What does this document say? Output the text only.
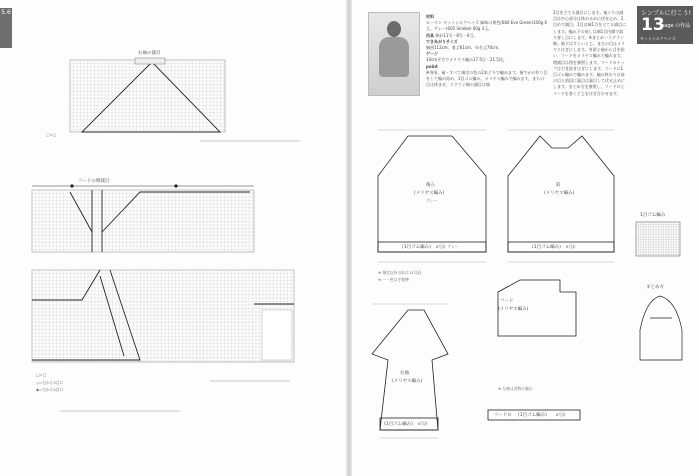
5.6
右袖の減目
フードの増減目
□=□
□=□
◇=右から2目に
◆=左から2目に
材料
ローワン キットシルクヘイズ 緑味の黄色(684 Eve Green)100g 6玉、グレー(605 Smoke) 60g 3玉。
用具 棒針11号・8号・6号。
できあがりサイズ
胸囲112cm、着丈61cm、ゆき丈70cm。
ゲージ
10cm平方でメリヤス編み17.5目・21.5段。
point
※身頃、袖・すべて指定の色の2本どりで編みます。指でかけ作り目をして編み始め、1目ゴム編み、メリヤス編みで編みます。まちの目は休ませ、ラグラン線の減目は端
2目を立てる減目にします。袖ぐりの減目は中心部分は休めるめに伏せ止め、2目めで減目、1目は端1目を立てる減目にします。編み下の前しは端1目内側で取り寄し目にします。※まとめ一ラグラン線、袖下はすくいとじ、まちの目はメリヤスはぎにします。身頃と袖から目を拾い、フードをメリヤス編みで編みます。増減目は図を参照します。フードのトップは引き抜きはぎにします。フードに1目ゴム編みで編みます。編み終わりは前の目と前段に裏目は裏目して伏せ止めにします。まとめ方を参照し、フードロとフードを巻くどじをはぎ合わせます。
シンプルに行こう!
13
page の作品
キットシルクヘイズ
後ろ
(メリヤス編み)
グレー
前
(メリヤス編み)
(1目ゴム編み) 8号針 グレー	(1目ゴム編み) 8号針
フード
(メリヤス編み)
右袖
(メリヤス編み)
(1目ゴム編み) 8号針
フードロ (1目ゴム編み) 8号針
1目ゴム編み
まとめ方
※ 指定以外の針は11号針
※ 一一色は手数棒
※ 左袖は対称に編む
